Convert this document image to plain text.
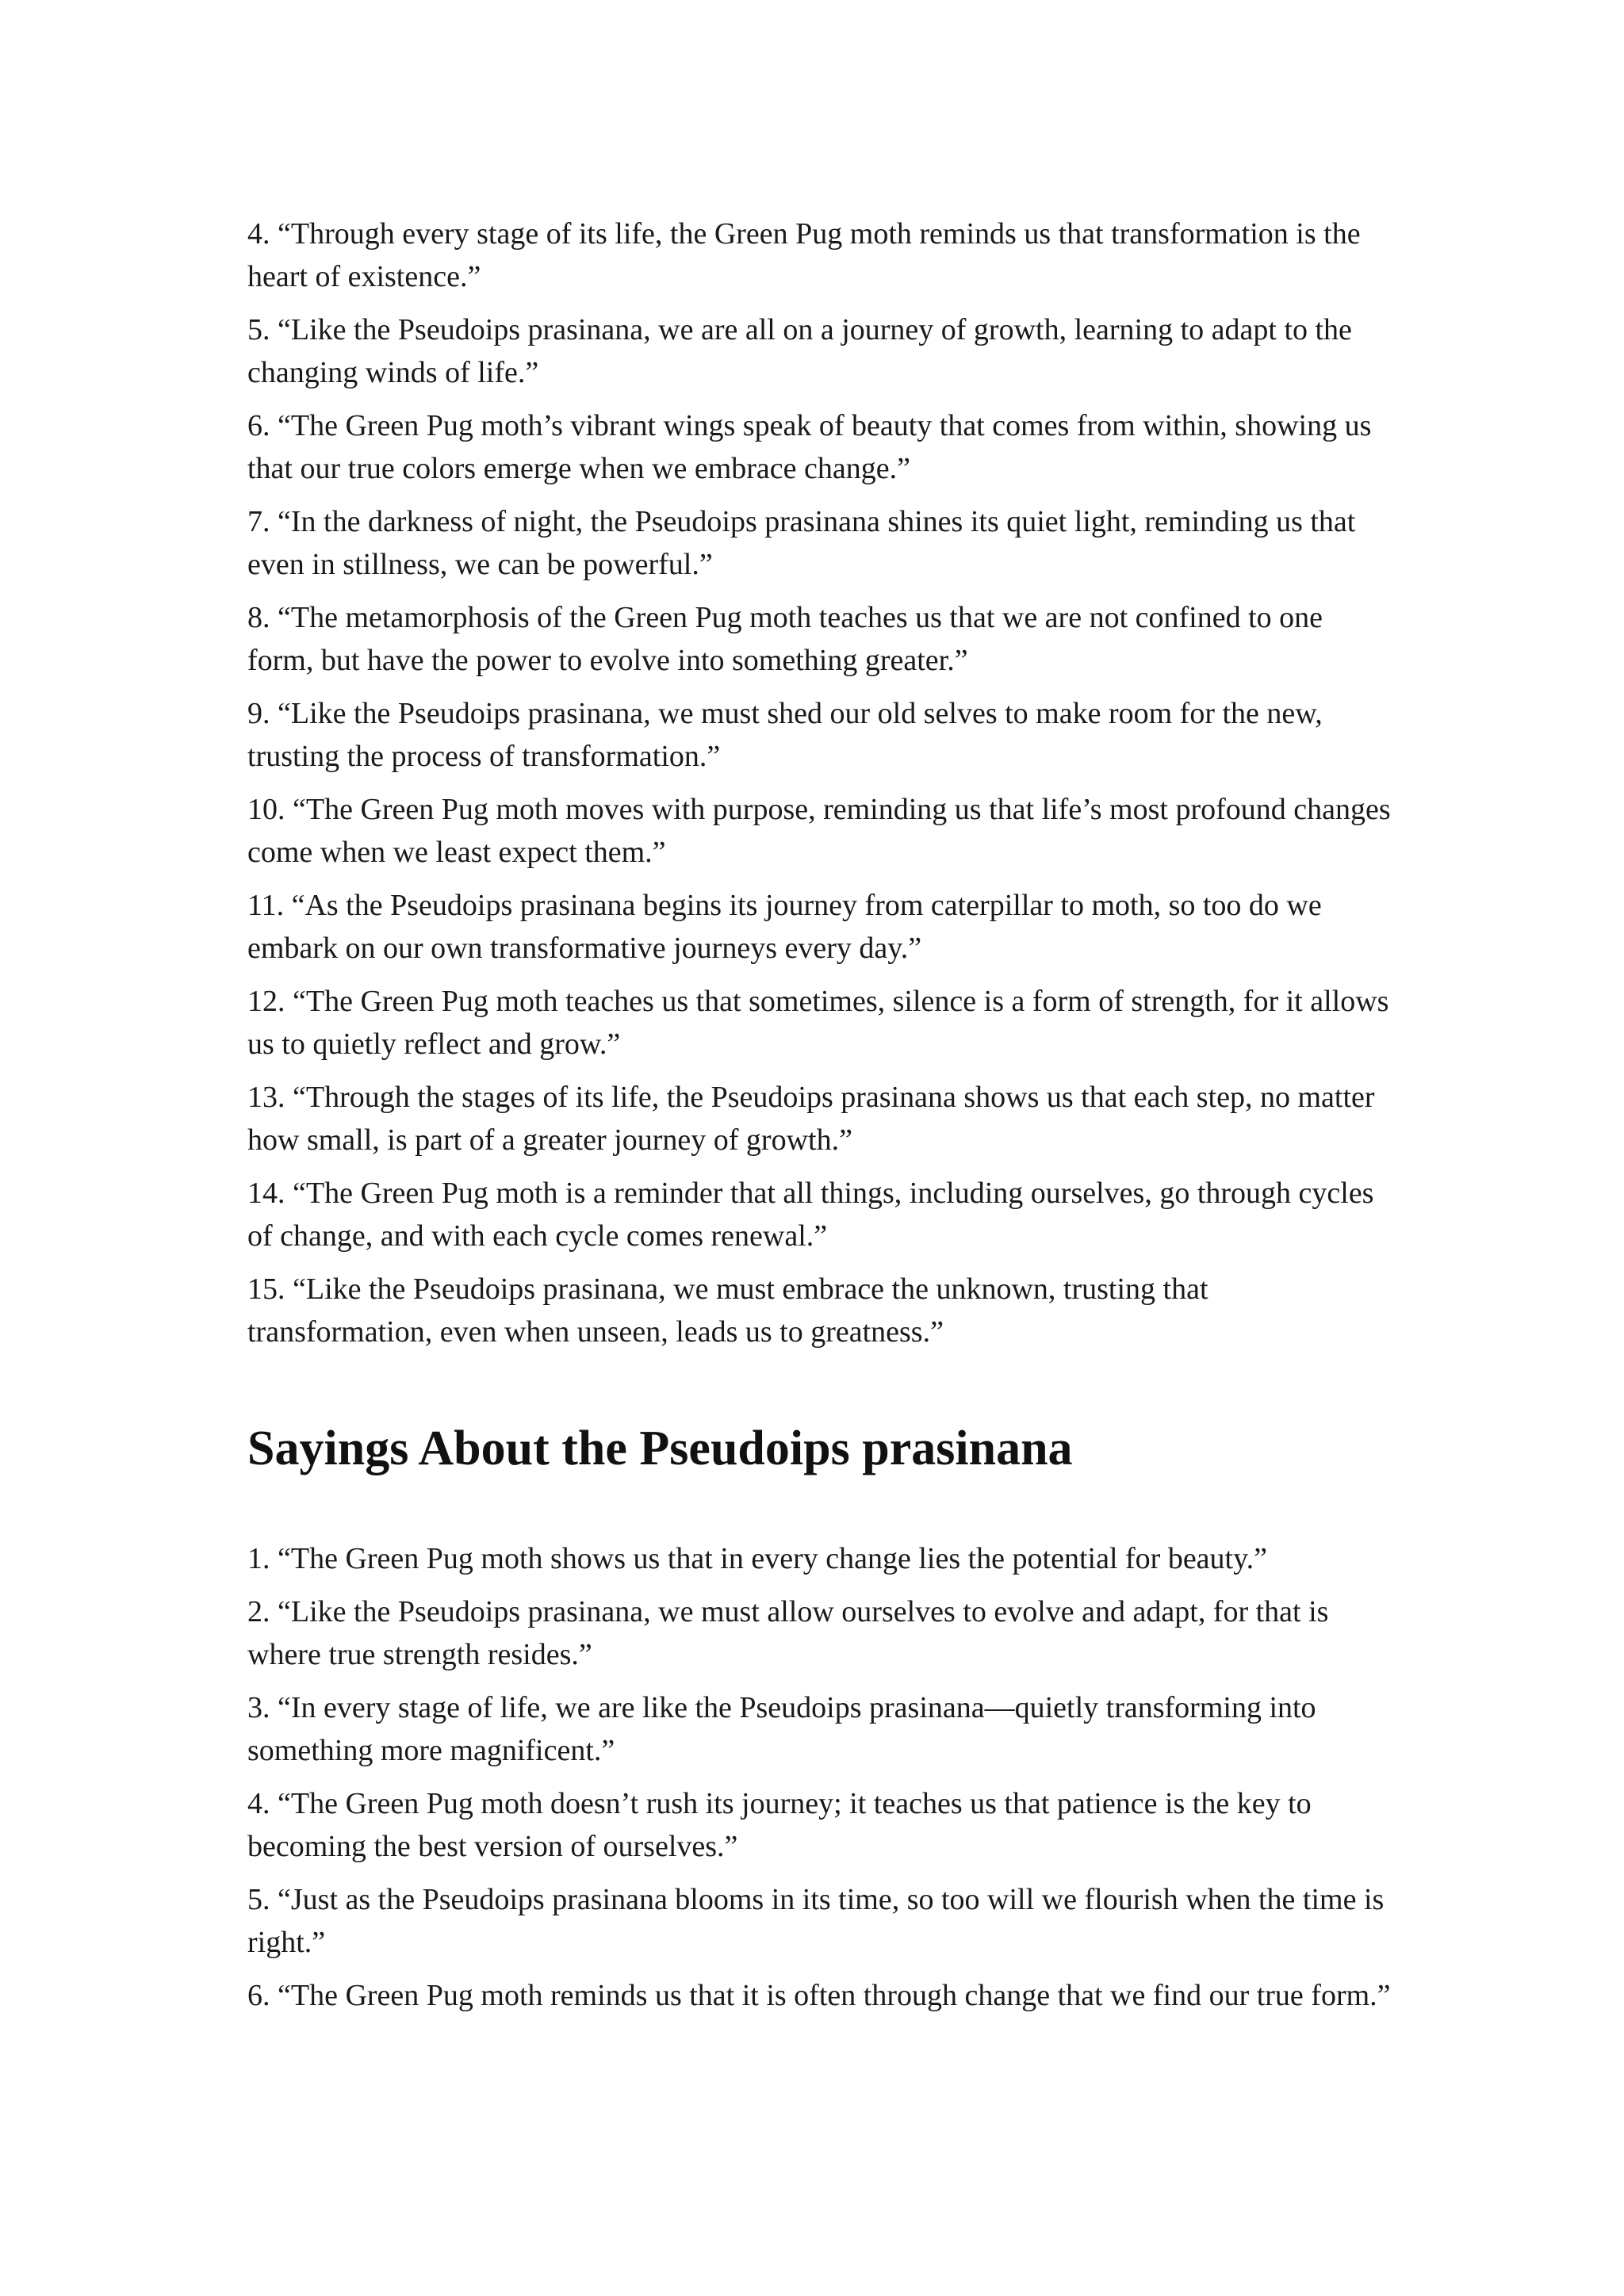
4. “Through every stage of its life, the Green Pug moth reminds us that transformation is the heart of existence.”

5. “Like the Pseudoips prasinana, we are all on a journey of growth, learning to adapt to the changing winds of life.”

6. “The Green Pug moth’s vibrant wings speak of beauty that comes from within, showing us that our true colors emerge when we embrace change.”

7. “In the darkness of night, the Pseudoips prasinana shines its quiet light, reminding us that even in stillness, we can be powerful.”

8. “The metamorphosis of the Green Pug moth teaches us that we are not confined to one form, but have the power to evolve into something greater.”

9. “Like the Pseudoips prasinana, we must shed our old selves to make room for the new, trusting the process of transformation.”

10. “The Green Pug moth moves with purpose, reminding us that life’s most profound changes come when we least expect them.”

11. “As the Pseudoips prasinana begins its journey from caterpillar to moth, so too do we embark on our own transformative journeys every day.”

12. “The Green Pug moth teaches us that sometimes, silence is a form of strength, for it allows us to quietly reflect and grow.”

13. “Through the stages of its life, the Pseudoips prasinana shows us that each step, no matter how small, is part of a greater journey of growth.”

14. “The Green Pug moth is a reminder that all things, including ourselves, go through cycles of change, and with each cycle comes renewal.”

15. “Like the Pseudoips prasinana, we must embrace the unknown, trusting that transformation, even when unseen, leads us to greatness.”

Sayings About the Pseudoips prasinana

1. “The Green Pug moth shows us that in every change lies the potential for beauty.”

2. “Like the Pseudoips prasinana, we must allow ourselves to evolve and adapt, for that is where true strength resides.”

3. “In every stage of life, we are like the Pseudoips prasinana—quietly transforming into something more magnificent.”

4. “The Green Pug moth doesn’t rush its journey; it teaches us that patience is the key to becoming the best version of ourselves.”

5. “Just as the Pseudoips prasinana blooms in its time, so too will we flourish when the time is right.”

6. “The Green Pug moth reminds us that it is often through change that we find our true form.”
